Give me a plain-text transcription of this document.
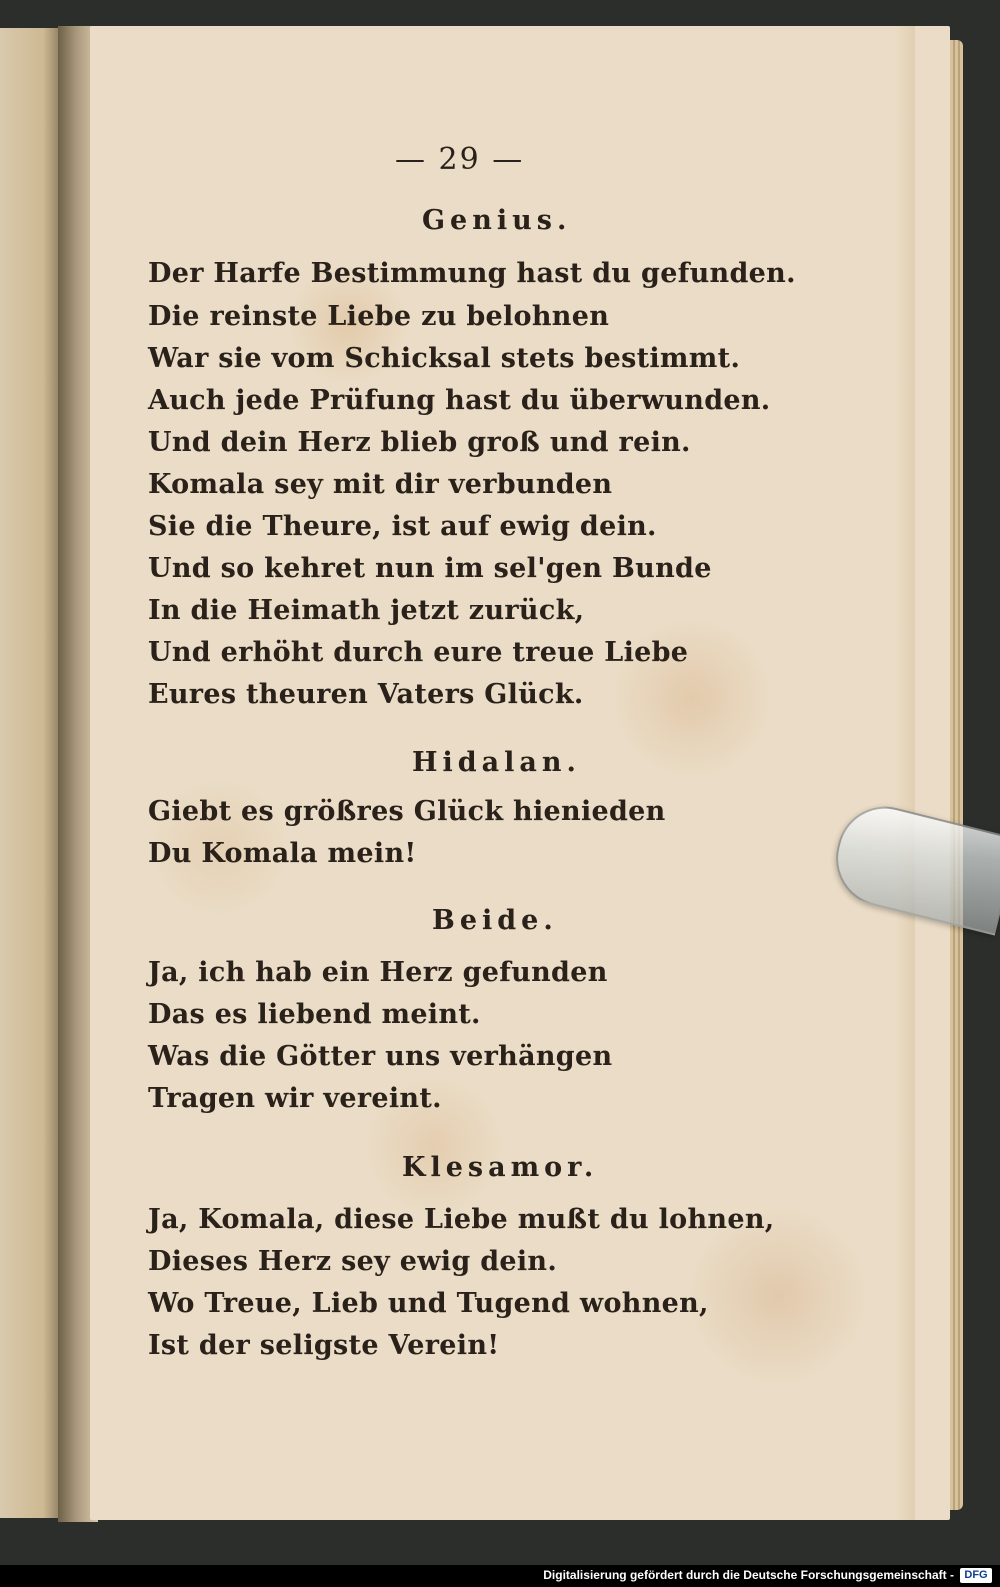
— 29 —
Genius.
Der Harfe Bestimmung hast du gefunden.
Die reinste Liebe zu belohnen
War sie vom Schicksal stets bestimmt.
Auch jede Prüfung hast du überwunden.
Und dein Herz blieb groß und rein.
Komala sey mit dir verbunden
Sie die Theure, ist auf ewig dein.
Und so kehret nun im sel'gen Bunde
In die Heimath jetzt zurück,
Und erhöht durch eure treue Liebe
Eures theuren Vaters Glück.
Hidalan.
Giebt es größres Glück hienieden
Du Komala mein!
Beide.
Ja, ich hab ein Herz gefunden
Das es liebend meint.
Was die Götter uns verhängen
Tragen wir vereint.
Klesamor.
Ja, Komala, diese Liebe mußt du lohnen,
Dieses Herz sey ewig dein.
Wo Treue, Lieb und Tugend wohnen,
Ist der seligste Verein!
Digitalisierung gefördert durch die Deutsche Forschungsgemeinschaft - DFG
